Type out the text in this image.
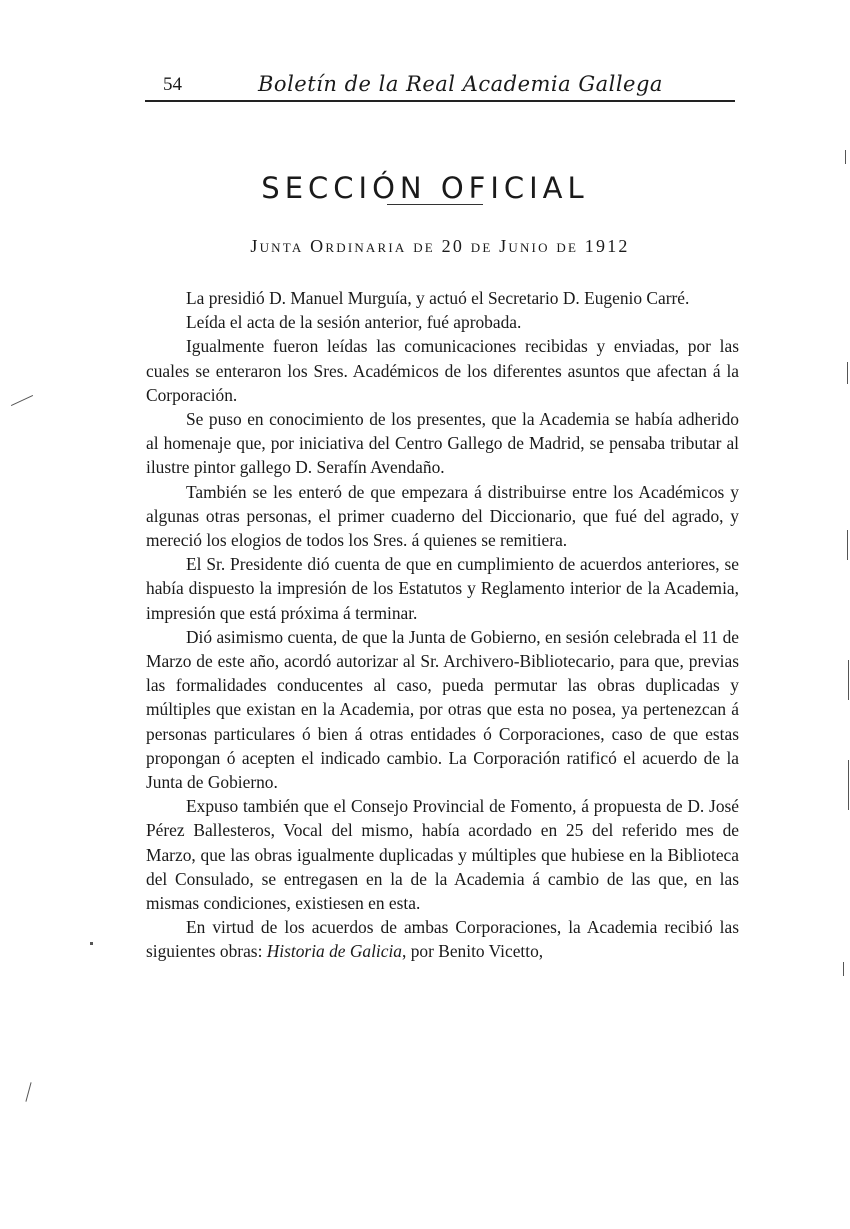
54	Boletín de la Real Academia Gallega
SECCIÓN OFICIAL
Junta Ordinaria de 20 de Junio de 1912

La presidió D. Manuel Murguía, y actuó el Secretario D. Eugenio Carré.

Leída el acta de la sesión anterior, fué aprobada.

Igualmente fueron leídas las comunicaciones recibidas y enviadas, por las cuales se enteraron los Sres. Académicos de los diferentes asuntos que afectan á la Corporación.

Se puso en conocimiento de los presentes, que la Academia se había adherido al homenaje que, por iniciativa del Centro Gallego de Madrid, se pensaba tributar al ilustre pintor gallego D. Serafín Avendaño.

También se les enteró de que empezara á distribuirse entre los Académicos y algunas otras personas, el primer cuaderno del Diccionario, que fué del agrado, y mereció los elogios de todos los Sres. á quienes se remitiera.

El Sr. Presidente dió cuenta de que en cumplimiento de acuerdos anteriores, se había dispuesto la impresión de los Estatutos y Reglamento interior de la Academia, impresión que está próxima á terminar.

Dió asimismo cuenta, de que la Junta de Gobierno, en sesión celebrada el 11 de Marzo de este año, acordó autorizar al Sr. Archivero-Bibliotecario, para que, previas las formalidades conducentes al caso, pueda permutar las obras duplicadas y múltiples que existan en la Academia, por otras que esta no posea, ya pertenezcan á personas particulares ó bien á otras entidades ó Corporaciones, caso de que estas propongan ó acepten el indicado cambio. La Corporación ratificó el acuerdo de la Junta de Gobierno.

Expuso también que el Consejo Provincial de Fomento, á propuesta de D. José Pérez Ballesteros, Vocal del mismo, había acordado en 25 del referido mes de Marzo, que las obras igualmente duplicadas y múltiples que hubiese en la Biblioteca del Consulado, se entregasen en la de la Academia á cambio de las que, en las mismas condiciones, existiesen en esta.

En virtud de los acuerdos de ambas Corporaciones, la Academia recibió las siguientes obras: Historia de Galicia, por Benito Vicetto,
